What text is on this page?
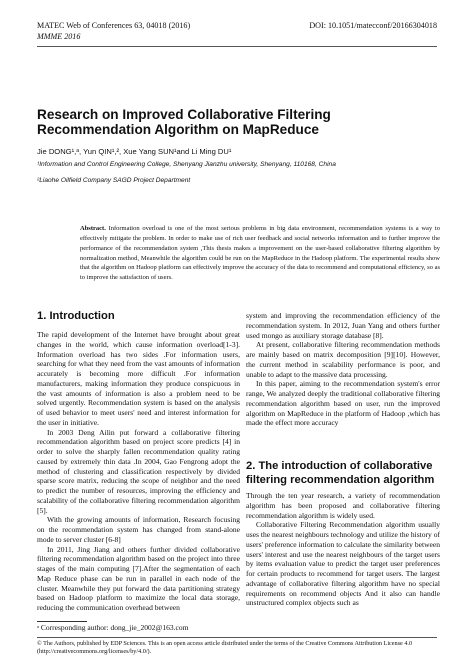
MATEC Web of Conferences 63, 04018 (2016)	DOI: 10.1051/matecconf/20166304018
MMME 2016
Research on Improved Collaborative Filtering Recommendation Algorithm on MapReduce
Jie DONG¹,ᵃ, Yun QIN¹,², Xue Yang SUN¹and Li Ming DU¹
¹Information and Control Engineering College, Shenyang Jianzhu university, Shenyang, 110168, China
²Liaohe Oilfield Company SAGD Project Department
Abstract. Information overload is one of the most serious problems in big data environment, recommendation systems is a way to effectively mitigate the problem. In order to make use of rich user feedback and social networks information and to further improve the performance of the recommendation system ,This thesis makes a improvement on the user-based collaborative filtering algorithm by normalization method, Meanwhile the algorithm could be run on the MapReduce in the Hadoop platform. The experimental results show that the algorithm on Hadoop platform can effectively improve the accuracy of the data to recommend and computational efficiency, so as to improve the satisfaction of users.
1. Introduction

The rapid development of the Internet have brought about great changes in the world, which cause information overload[1-3]. Information overload has two sides .For information users, searching for what they need from the vast amounts of information accurately is becoming more difficult .For information manufacturers, making information they produce conspicuous in the vast amounts of information is also a problem need to be solved urgently. Recommendation system is based on the analysis of used behavior to meet users' need and interest information for the user in initiative.

In 2003 Deng Ailin put forward a collaborative filtering recommendation algorithm based on project score predicts [4] in order to solve the sharply fallen recommendation quality rating caused by extremely thin data .In 2004, Gao Fengrong adopt the method of clustering and classification respectively by divided sparse score matrix, reducing the scope of neighbor and the need to predict the number of resources, improving the efficiency and scalability of the collaborative filtering recommendation algorithm [5].

With the growing amounts of information, Research focusing on the recommendation system has changed from stand-alone mode to server cluster [6-8]

In 2011, Jing Jiang and others further divided collaborative filtering recommendation algorithm based on the project into three stages of the main computing [7].After the segmentation of each Map Reduce phase can be run in parallel in each node of the cluster. Meanwhile they put forward the data partitioning strategy based on Hadoop platform to maximize the local data storage, reducing the communication overhead between

system and improving the recommendation efficiency of the recommendation system. In 2012, Juan Yang and others further used mongo as auxiliary storage database [8].

At present, collaborative filtering recommendation methods are mainly based on matrix decomposition [9][10]. However, the current method in scalability performance is poor, and unable to adapt to the massive data processing.

In this paper, aiming to the recommendation system's error range, We analyzed deeply the traditional collaborative filtering recommendation algorithm based on user, run the improved algorithm on MapReduce in the platform of Hadoop ,which has made the effect more accuracy

2. The introduction of collaborative filtering recommendation algorithm

Through the ten year research, a variety of recommendation algorithm has been proposed and collaborative filtering recommendation algorithm is widely used.

Collaborative Filtering Recommendation algorithm usually uses the nearest neighbours technology and utilize the history of users' preference information to calculate the similarity between users' interest and use the nearest neighbours of the target users by items evaluation value to predict the target user preferences for certain products to recommend for target users. The largest advantage of collaborative filtering algorithm have no special requirements on recommend objects And it also can handle unstructured complex objects such as

ᵃ Corresponding author: dong_jie_2002@163.com
© The Authors, published by EDP Sciences. This is an open access article distributed under the terms of the Creative Commons Attribution License 4.0 (http://creativecommons.org/licenses/by/4.0/).
